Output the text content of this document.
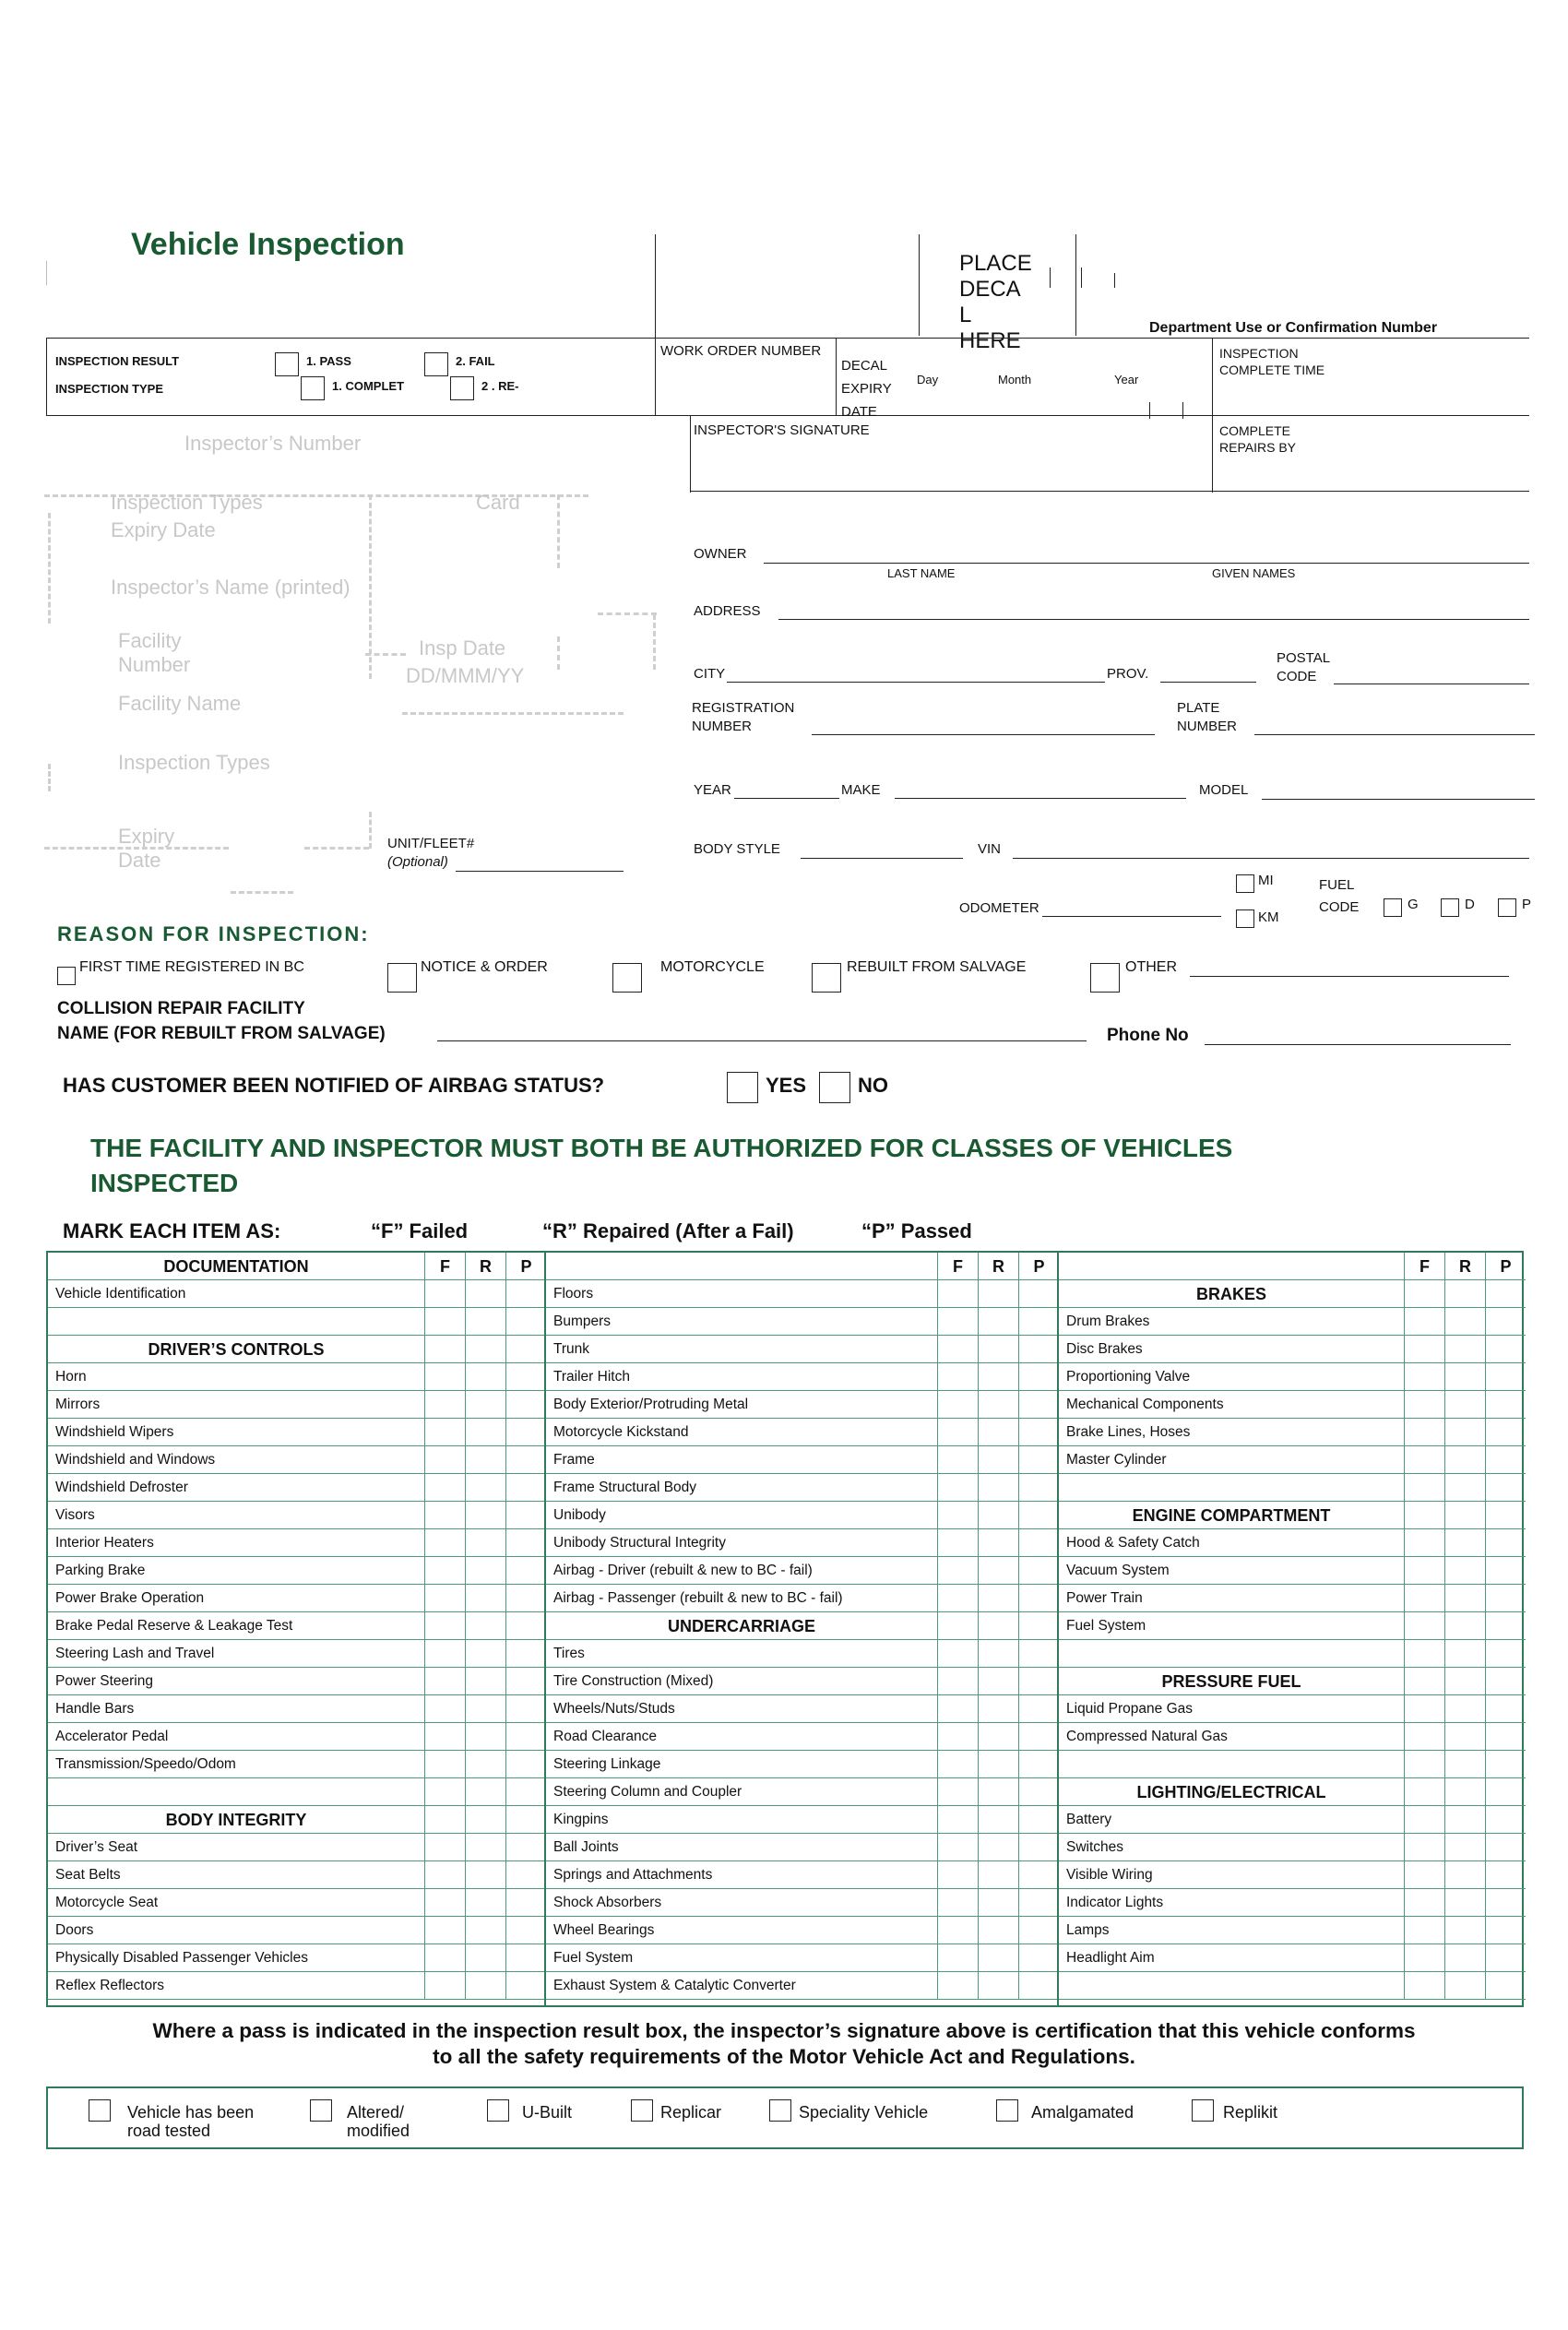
Vehicle Inspection
PLACE
DECA
L
HERE
Department Use or Confirmation Number
INSPECTION RESULT
INSPECTION TYPE
1. PASS	2. FAIL
1. COMPLET	2 . RE-
WORK ORDER NUMBER
DECAL
EXPIRY
DATE
Day	Month	Year
INSPECTION
COMPLETE TIME
INSPECTOR'S SIGNATURE	COMPLETE
REPAIRS BY
Inspector’s Number
Inspection Types	Card
Expiry Date
Inspector’s Name (printed)
Facility
Number
Insp Date
DD/MMM/YY
Facility Name
Inspection Types
Expiry
Date
UNIT/FLEET#
(Optional)
OWNER
LAST NAME	GIVEN NAMES
ADDRESS
CITY	PROV.
POSTAL
CODE
REGISTRATION
NUMBER
PLATE
NUMBER
YEAR	MAKE	MODEL
BODY STYLE	VIN
MI
KM
ODOMETER
FUEL
CODE	G	D	P
REASON FOR INSPECTION:
FIRST TIME REGISTERED IN BC	NOTICE & ORDER	MOTORCYCLE	REBUILT FROM SALVAGE	OTHER
COLLISION REPAIR FACILITY
NAME (FOR REBUILT FROM SALVAGE)	Phone No
HAS CUSTOMER BEEN NOTIFIED OF AIRBAG STATUS?	YES	NO
THE FACILITY AND INSPECTOR MUST BOTH BE AUTHORIZED FOR CLASSES OF VEHICLES
INSPECTED
MARK EACH ITEM AS:	“F” Failed	“R” Repaired (After a Fail)	“P” Passed
DOCUMENTATION	F	R	P
Vehicle Identification
DRIVER’S CONTROLS
Horn
Mirrors
Windshield Wipers
Windshield and Windows
Windshield Defroster
Visors
Interior Heaters
Parking Brake
Power Brake Operation
Brake Pedal Reserve & Leakage Test
Steering Lash and Travel
Power Steering
Handle Bars
Accelerator Pedal
Transmission/Speedo/Odom
BODY INTEGRITY
Driver’s Seat
Seat Belts
Motorcycle Seat
Doors
Physically Disabled Passenger Vehicles
Reflex Reflectors
F	R	P
Floors
Bumpers
Trunk
Trailer Hitch
Body Exterior/Protruding Metal
Motorcycle Kickstand
Frame
Frame Structural Body
Unibody
Unibody Structural Integrity
Airbag - Driver (rebuilt & new to BC - fail)
Airbag - Passenger (rebuilt & new to BC - fail)
UNDERCARRIAGE
Tires
Tire Construction (Mixed)
Wheels/Nuts/Studs
Road Clearance
Steering Linkage
Steering Column and Coupler
Kingpins
Ball Joints
Springs and Attachments
Shock Absorbers
Wheel Bearings
Fuel System
Exhaust System & Catalytic Converter
F	R	P
BRAKES
Drum Brakes
Disc Brakes
Proportioning Valve
Mechanical Components
Brake Lines, Hoses
Master Cylinder
ENGINE COMPARTMENT
Hood & Safety Catch
Vacuum System
Power Train
Fuel System
PRESSURE FUEL
Liquid Propane Gas
Compressed Natural Gas
LIGHTING/ELECTRICAL
Battery
Switches
Visible Wiring
Indicator Lights
Lamps
Headlight Aim
Where a pass is indicated in the inspection result box, the inspector’s signature above is certification that this vehicle conforms
to all the safety requirements of the Motor Vehicle Act and Regulations.
Vehicle has been
road tested
Altered/
modified
U-Built	Replicar	Speciality Vehicle	Amalgamated	Replikit
